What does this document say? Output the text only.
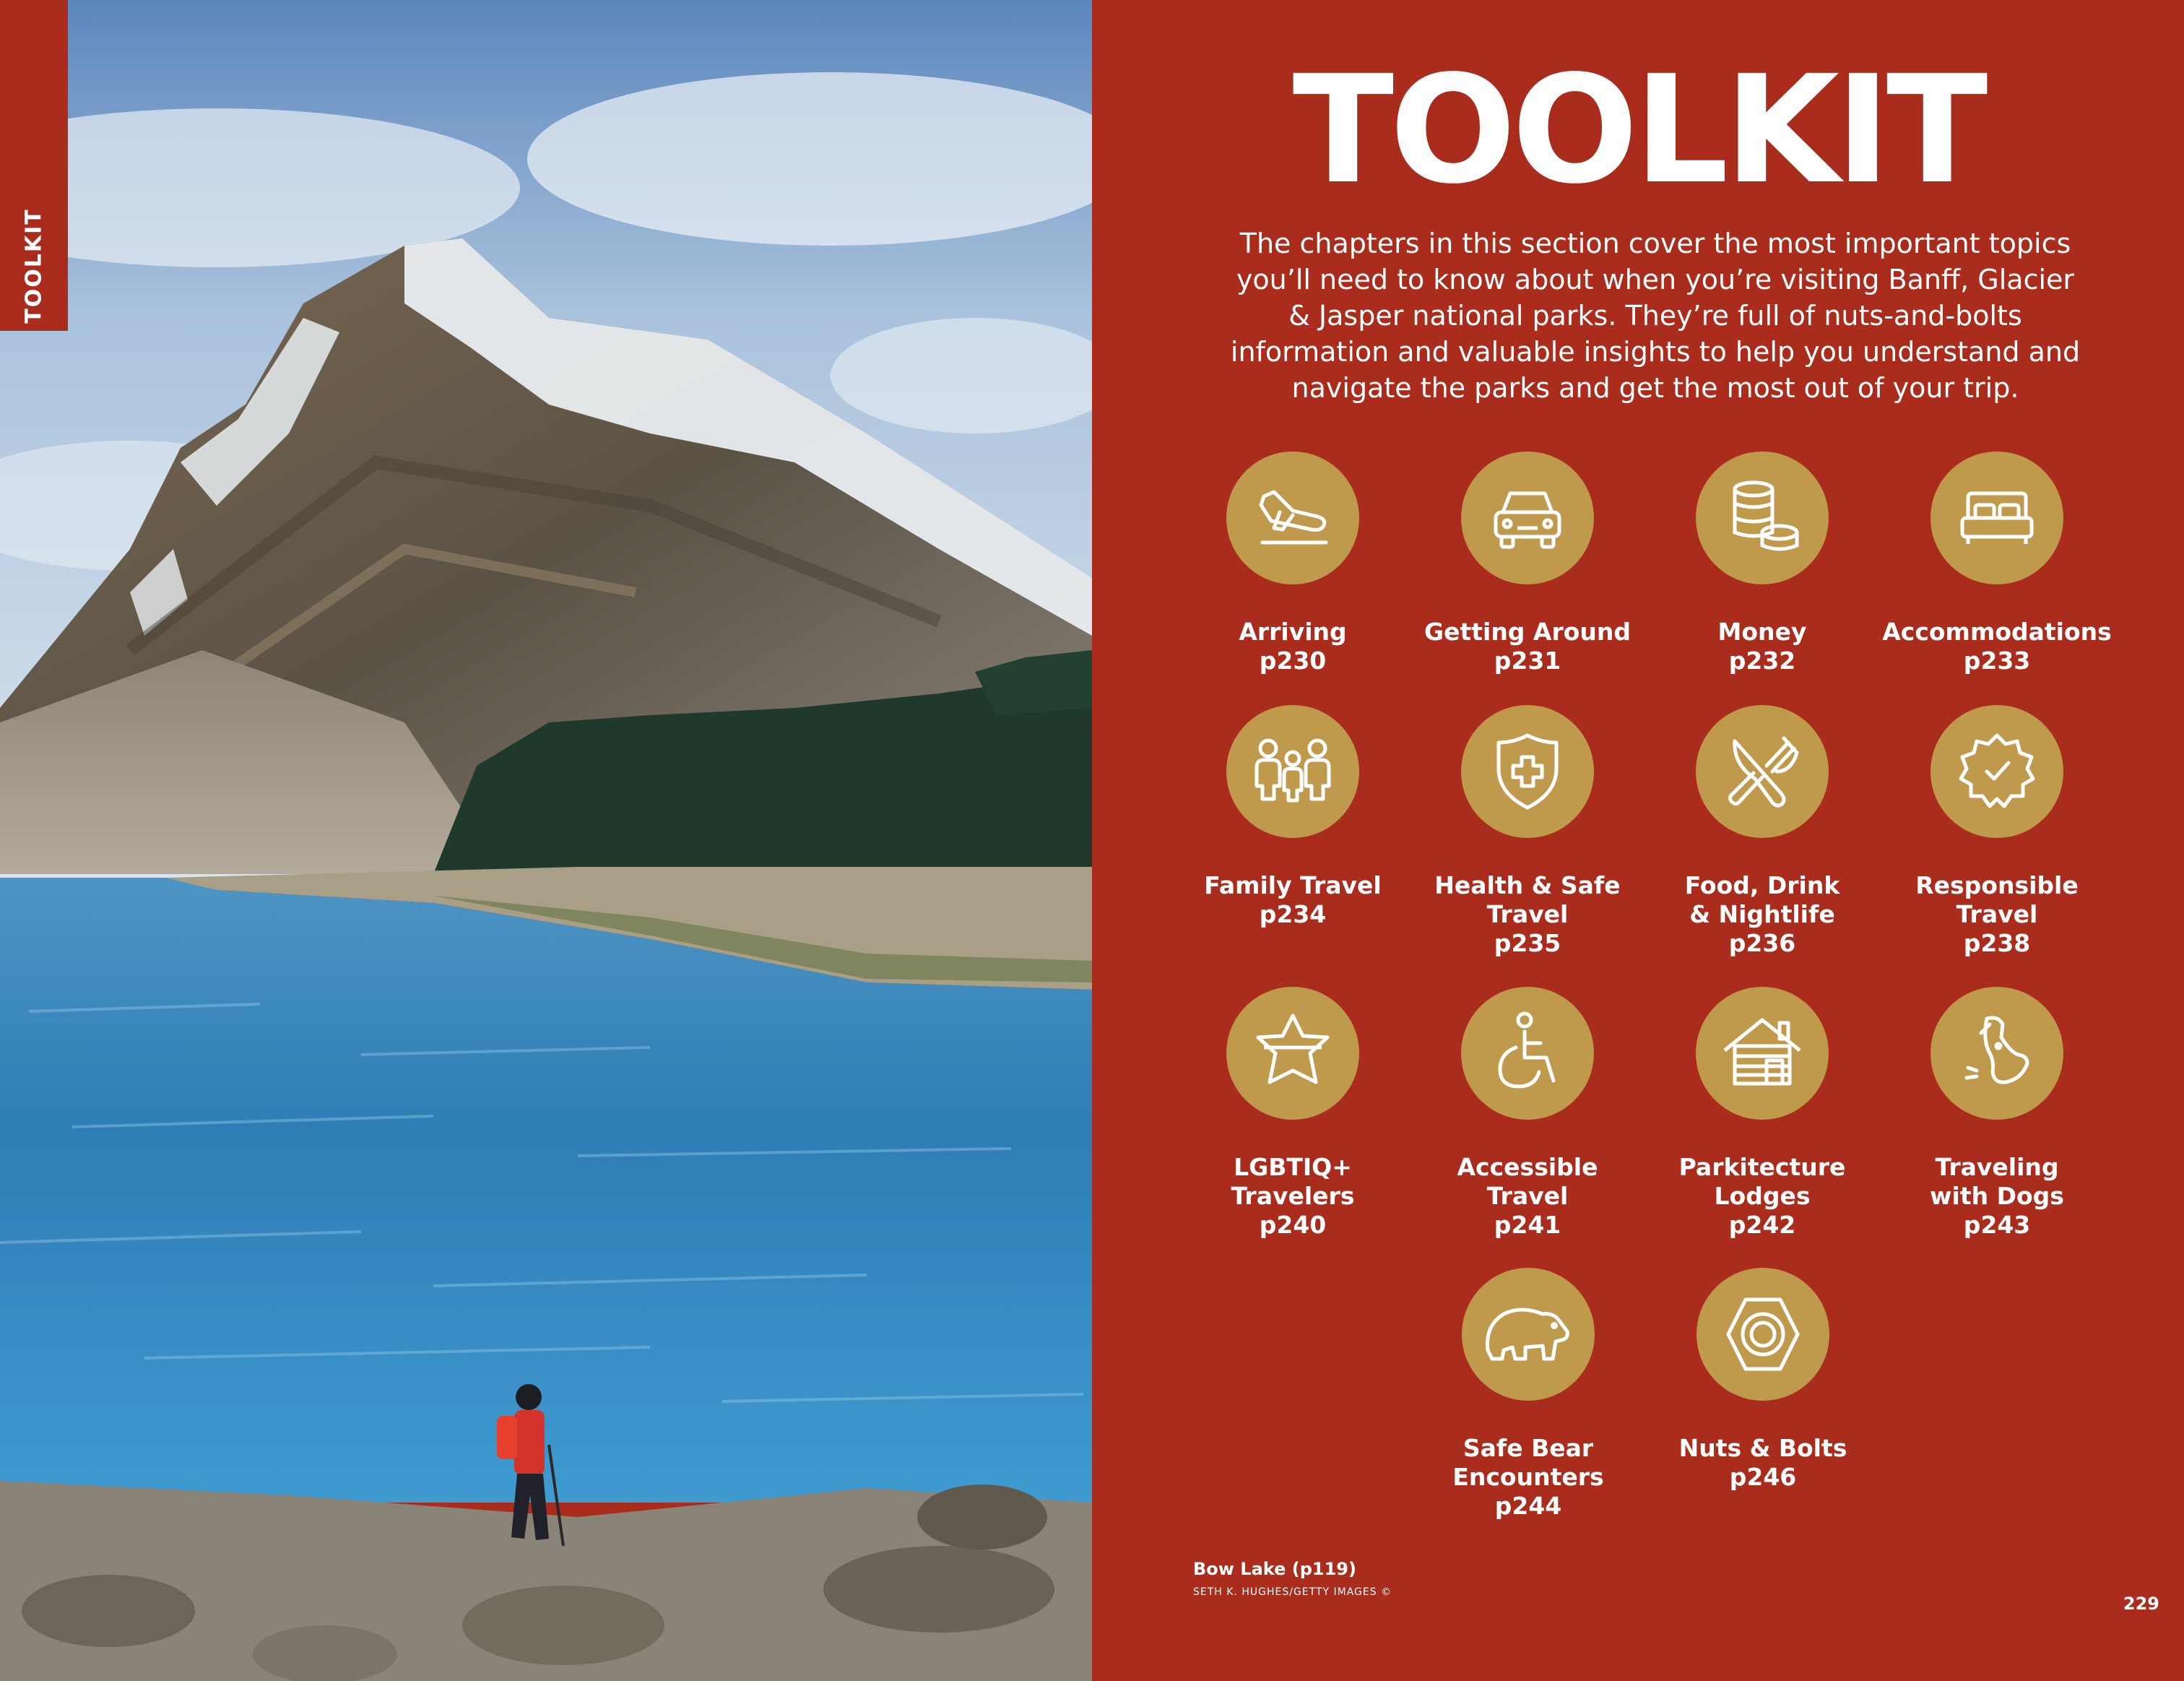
TOOLKIT
TOOLKIT
The chapters in this section cover the most important topics you’ll need to know about when you’re visiting Banff, Glacier & Jasper national parks. They’re full of nuts-and-bolts information and valuable insights to help you understand and navigate the parks and get the most out of your trip.
Arriving
p230
Getting Around
p231
Money
p232
Accommodations
p233
Family Travel
p234
Health & Safe
Travel
p235
Food, Drink
& Nightlife
p236
Responsible
Travel
p238
LGBTIQ+
Travelers
p240
Accessible
Travel
p241
Parkitecture
Lodges
p242
Traveling
with Dogs
p243
Safe Bear
Encounters
p244
Nuts & Bolts
p246
Bow Lake (p119)
SETH K. HUGHES/GETTY IMAGES ©
229
